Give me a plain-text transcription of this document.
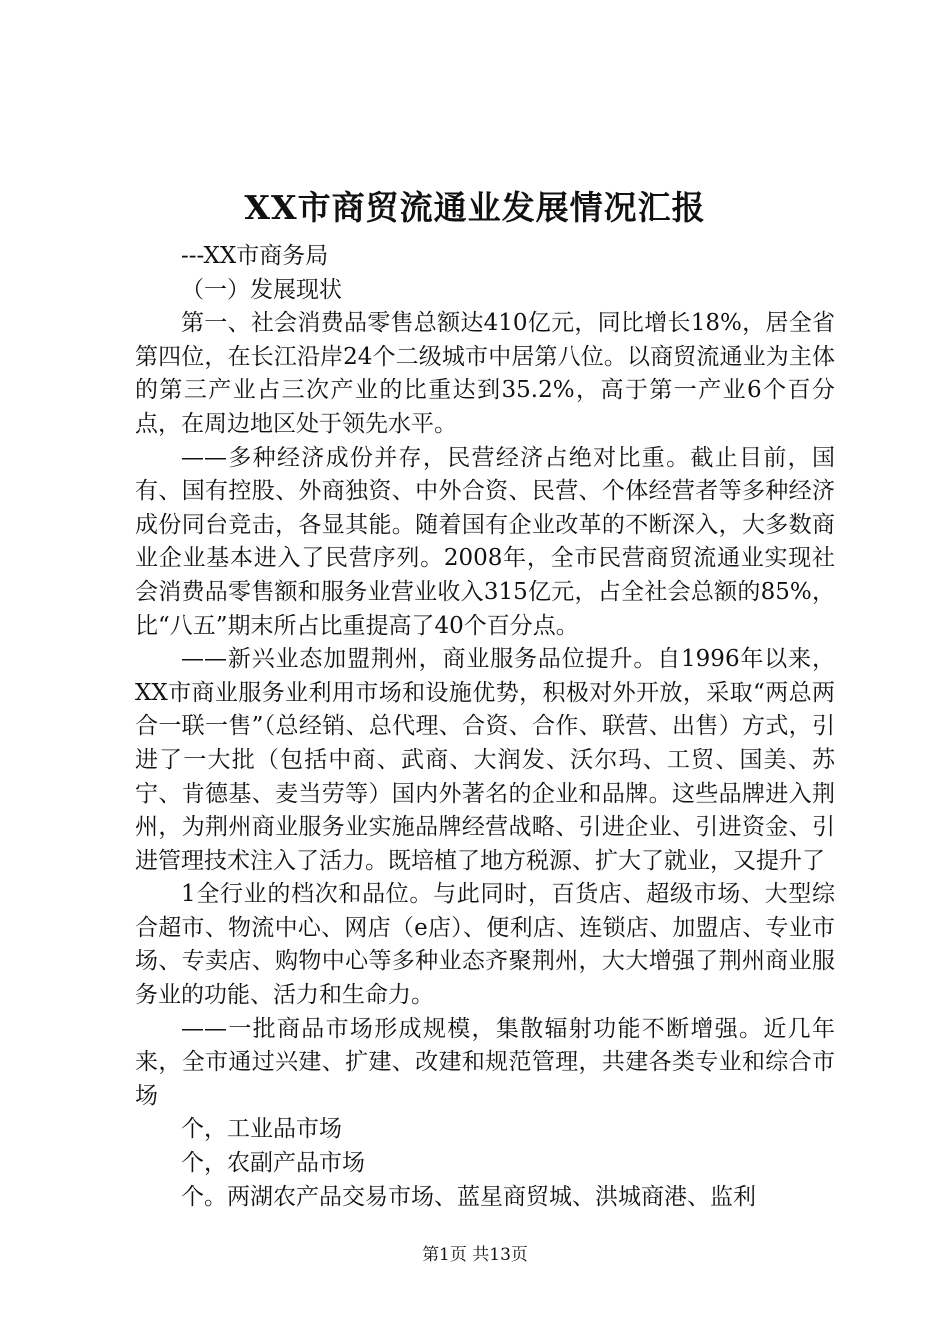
XX市商贸流通业发展情况汇报

---XX市商务局

（一）发展现状

第一、社会消费品零售总额达410亿元，同比增长18%，居全省第四位，在长江沿岸24个二级城市中居第八位。以商贸流通业为主体的第三产业占三次产业的比重达到35.2%，高于第一产业6个百分点，在周边地区处于领先水平。

——多种经济成份并存，民营经济占绝对比重。截止目前，国有、国有控股、外商独资、中外合资、民营、个体经营者等多种经济成份同台竞击，各显其能。随着国有企业改革的不断深入，大多数商业企业基本进入了民营序列。2008年，全市民营商贸流通业实现社会消费品零售额和服务业营业收入315亿元，占全社会总额的85%，比“八五”期末所占比重提高了40个百分点。

——新兴业态加盟荆州，商业服务品位提升。自1996年以来，XX市商业服务业利用市场和设施优势，积极对外开放，采取“两总两合一联一售”（总经销、总代理、合资、合作、联营、出售）方式，引进了一大批（包括中商、武商、大润发、沃尔玛、工贸、国美、苏宁、肯德基、麦当劳等）国内外著名的企业和品牌。这些品牌进入荆州，为荆州商业服务业实施品牌经营战略、引进企业、引进资金、引进管理技术注入了活力。既培植了地方税源、扩大了就业，又提升了

1全行业的档次和品位。与此同时，百货店、超级市场、大型综合超市、物流中心、网店（e店）、便利店、连锁店、加盟店、专业市场、专卖店、购物中心等多种业态齐聚荆州，大大增强了荆州商业服务业的功能、活力和生命力。

——一批商品市场形成规模，集散辐射功能不断增强。近几年来，全市通过兴建、扩建、改建和规范管理，共建各类专业和综合市场

个，工业品市场

个，农副产品市场

个。两湖农产品交易市场、蓝星商贸城、洪城商港、监利

第1页 共13页
